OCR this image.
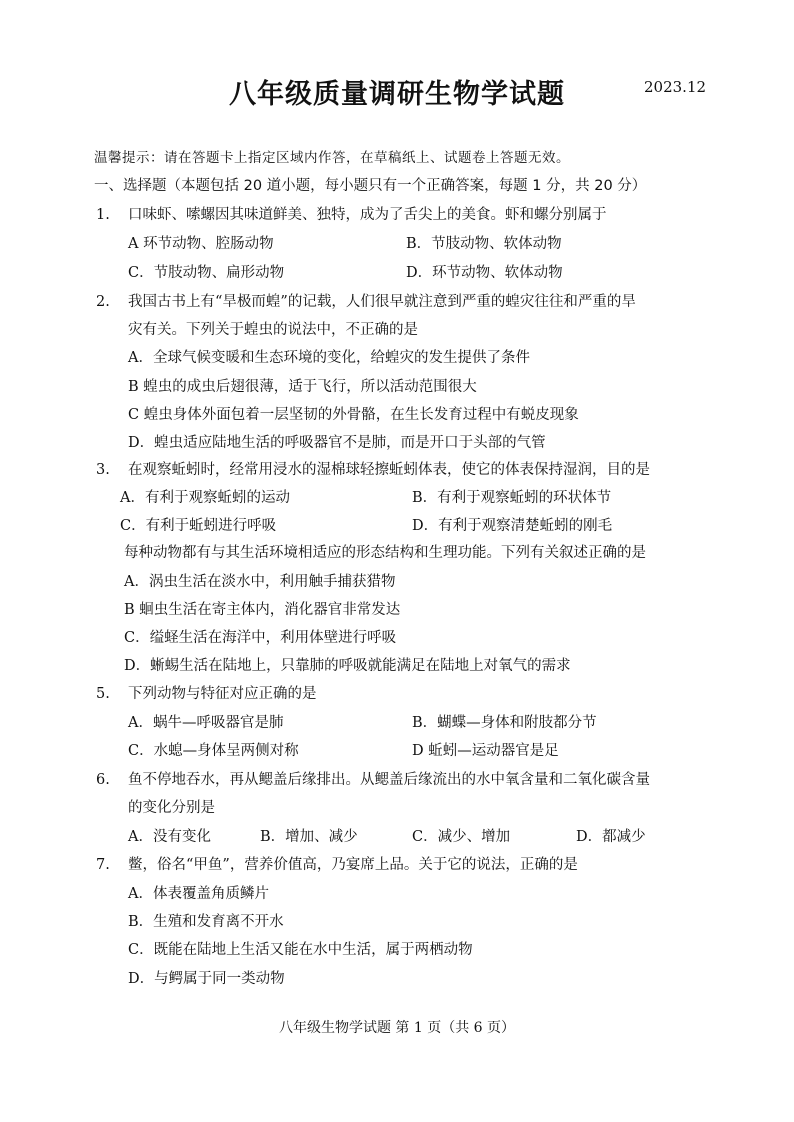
八年级质量调研生物学试题	2023.12
温馨提示：请在答题卡上指定区域内作答，在草稿纸上、试题卷上答题无效。
一、选择题（本题包括 20 道小题，每小题只有一个正确答案，每题 1 分，共 20 分）
1. 口味虾、嗦螺因其味道鲜美、独特，成为了舌尖上的美食。虾和螺分别属于
A 环节动物、腔肠动物	B．节肢动物、软体动物
C．节肢动物、扁形动物	D．环节动物、软体动物
2. 我国古书上有“旱极而蝗”的记载，人们很早就注意到严重的蝗灾往往和严重的旱
灾有关。下列关于蝗虫的说法中，不正确的是
A．全球气候变暖和生态环境的变化，给蝗灾的发生提供了条件
B 蝗虫的成虫后翅很薄，适于飞行，所以活动范围很大
C 蝗虫身体外面包着一层坚韧的外骨骼，在生长发育过程中有蜕皮现象
D．蝗虫适应陆地生活的呼吸器官不是肺，而是开口于头部的气管
3. 在观察蚯蚓时，经常用浸水的湿棉球轻擦蚯蚓体表，使它的体表保持湿润，目的是
A．有利于观察蚯蚓的运动	B．有利于观察蚯蚓的环状体节
C．有利于蚯蚓进行呼吸	D．有利于观察清楚蚯蚓的刚毛
每种动物都有与其生活环境相适应的形态结构和生理功能。下列有关叙述正确的是
A．涡虫生活在淡水中，利用触手捕获猎物
B 蛔虫生活在寄主体内，消化器官非常发达
C．缢蛏生活在海洋中，利用体壁进行呼吸
D．蜥蜴生活在陆地上，只靠肺的呼吸就能满足在陆地上对氧气的需求
5. 下列动物与特征对应正确的是
A．蜗牛—呼吸器官是肺	B．蝴蝶—身体和附肢都分节
C．水螅—身体呈两侧对称	D 蚯蚓—运动器官是足
6. 鱼不停地吞水，再从鳃盖后缘排出。从鳃盖后缘流出的水中氧含量和二氧化碳含量
的变化分别是
A．没有变化	B．增加、减少	C．减少、增加	D．都减少
7. 鳖，俗名“甲鱼”，营养价值高，乃宴席上品。关于它的说法，正确的是
A．体表覆盖角质鳞片
B．生殖和发育离不开水
C．既能在陆地上生活又能在水中生活，属于两栖动物
D．与鳄属于同一类动物
八年级生物学试题 第 1 页（共 6 页）
